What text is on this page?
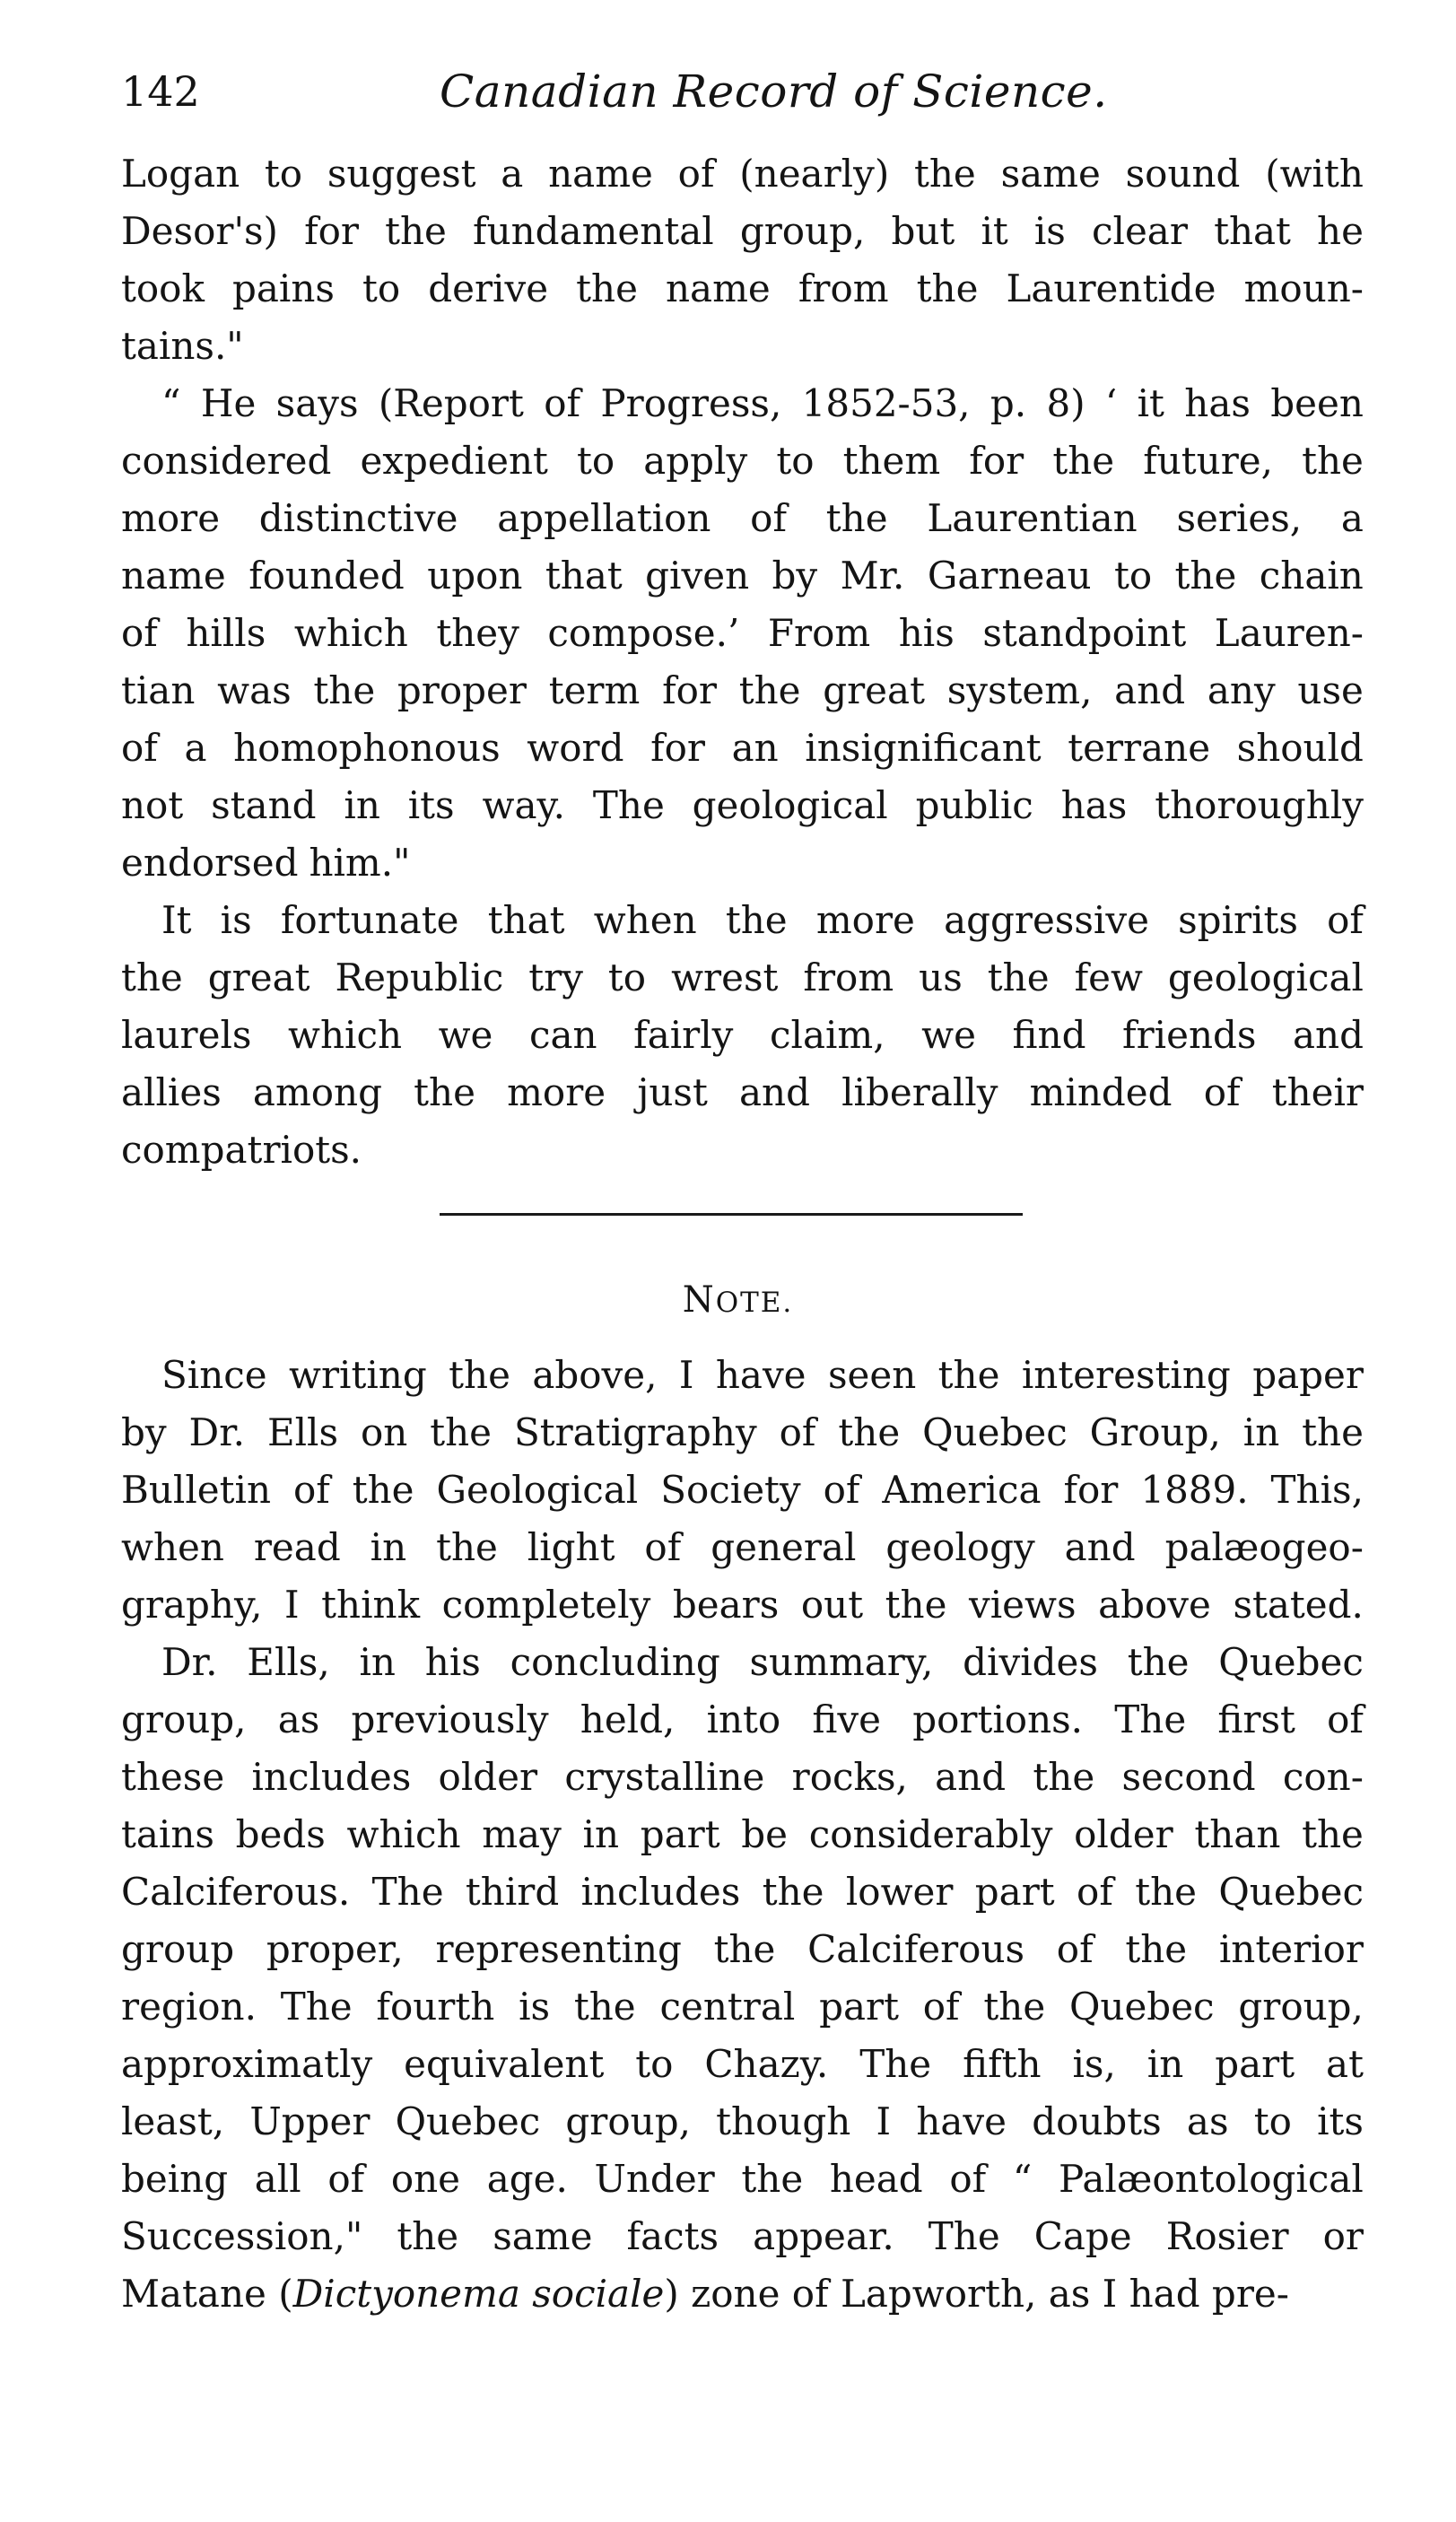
142	Canadian Record of Science.
Logan to suggest a name of (nearly) the same sound (with
Desor's) for the fundamental group, but it is clear that he
took pains to derive the name from the Laurentide moun-
tains."
“ He says (Report of Progress, 1852-53, p. 8) ‘ it has been
considered expedient to apply to them for the future, the
more distinctive appellation of the Laurentian series, a
name founded upon that given by Mr. Garneau to the chain
of hills which they compose.’ From his standpoint Lauren-
tian was the proper term for the great system, and any use
of a homophonous word for an insignificant terrane should
not stand in its way. The geological public has thoroughly
endorsed him."
It is fortunate that when the more aggressive spirits of
the great Republic try to wrest from us the few geological
laurels which we can fairly claim, we find friends and
allies among the more just and liberally minded of their
compatriots.
NOTE.
Since writing the above, I have seen the interesting paper
by Dr. Ells on the Stratigraphy of the Quebec Group, in the
Bulletin of the Geological Society of America for 1889. This,
when read in the light of general geology and palæogeo-
graphy, I think completely bears out the views above stated.
Dr. Ells, in his concluding summary, divides the Quebec
group, as previously held, into five portions. The first of
these includes older crystalline rocks, and the second con-
tains beds which may in part be considerably older than the
Calciferous. The third includes the lower part of the Quebec
group proper, representing the Calciferous of the interior
region. The fourth is the central part of the Quebec group,
approximatly equivalent to Chazy. The fifth is, in part at
least, Upper Quebec group, though I have doubts as to its
being all of one age. Under the head of “ Palæontological
Succession," the same facts appear. The Cape Rosier or
Matane ( Dictyonema sociale ) zone of Lapworth, as I had pre-
